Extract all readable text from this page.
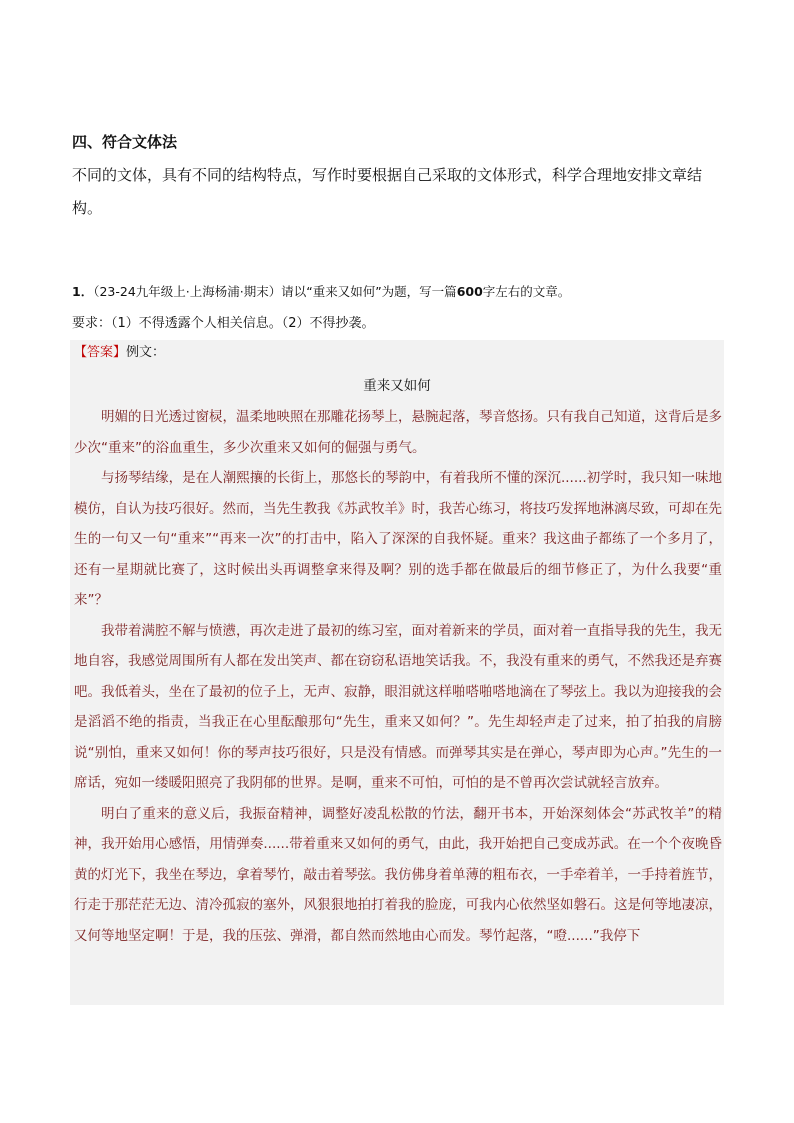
四、符合文体法

不同的文体，具有不同的结构特点，写作时要根据自己采取的文体形式，科学合理地安排文章结构。

1．（23-24九年级上·上海杨浦·期末）请以“重来又如何”为题，写一篇600字左右的文章。

要求：（1）不得透露个人相关信息。（2）不得抄袭。

【答案】例文：
重来又如何

明媚的日光透过窗棂，温柔地映照在那雕花扬琴上，悬腕起落，琴音悠扬。只有我自己知道，这背后是多少次“重来”的浴血重生，多少次重来又如何的倔强与勇气。

与扬琴结缘，是在人潮熙攘的长街上，那悠长的琴韵中，有着我所不懂的深沉......初学时，我只知一味地模仿，自认为技巧很好。然而，当先生教我《苏武牧羊》时，我苦心练习，将技巧发挥地淋漓尽致，可却在先生的一句又一句“重来”“再来一次”的打击中，陷入了深深的自我怀疑。重来？我这曲子都练了一个多月了，还有一星期就比赛了，这时候出头再调整拿来得及啊？别的选手都在做最后的细节修正了，为什么我要“重来”？

我带着满腔不解与愤懑，再次走进了最初的练习室，面对着新来的学员，面对着一直指导我的先生，我无地自容，我感觉周围所有人都在发出笑声、都在窃窃私语地笑话我。不，我没有重来的勇气，不然我还是弃赛吧。我低着头，坐在了最初的位子上，无声、寂静，眼泪就这样啪嗒啪嗒地滴在了琴弦上。我以为迎接我的会是滔滔不绝的指责，当我正在心里酝酿那句“先生，重来又如何？”。先生却轻声走了过来，拍了拍我的肩膀说“别怕，重来又如何！你的琴声技巧很好，只是没有情感。而弹琴其实是在弹心，琴声即为心声。”先生的一席话，宛如一缕暖阳照亮了我阴郁的世界。是啊，重来不可怕，可怕的是不曾再次尝试就轻言放弃。

明白了重来的意义后，我振奋精神，调整好凌乱松散的竹法，翻开书本，开始深刻体会“苏武牧羊”的精神，我开始用心感悟，用情弹奏......带着重来又如何的勇气，由此，我开始把自己变成苏武。在一个个夜晚昏黄的灯光下，我坐在琴边，拿着琴竹，敲击着琴弦。我仿佛身着单薄的粗布衣，一手牵着羊，一手持着旌节，行走于那茫茫无边、清冷孤寂的塞外，风狠狠地拍打着我的脸庞，可我内心依然坚如磐石。这是何等地凄凉，又何等地坚定啊！于是，我的压弦、弹滑，都自然而然地由心而发。琴竹起落，“噔......”我停下
